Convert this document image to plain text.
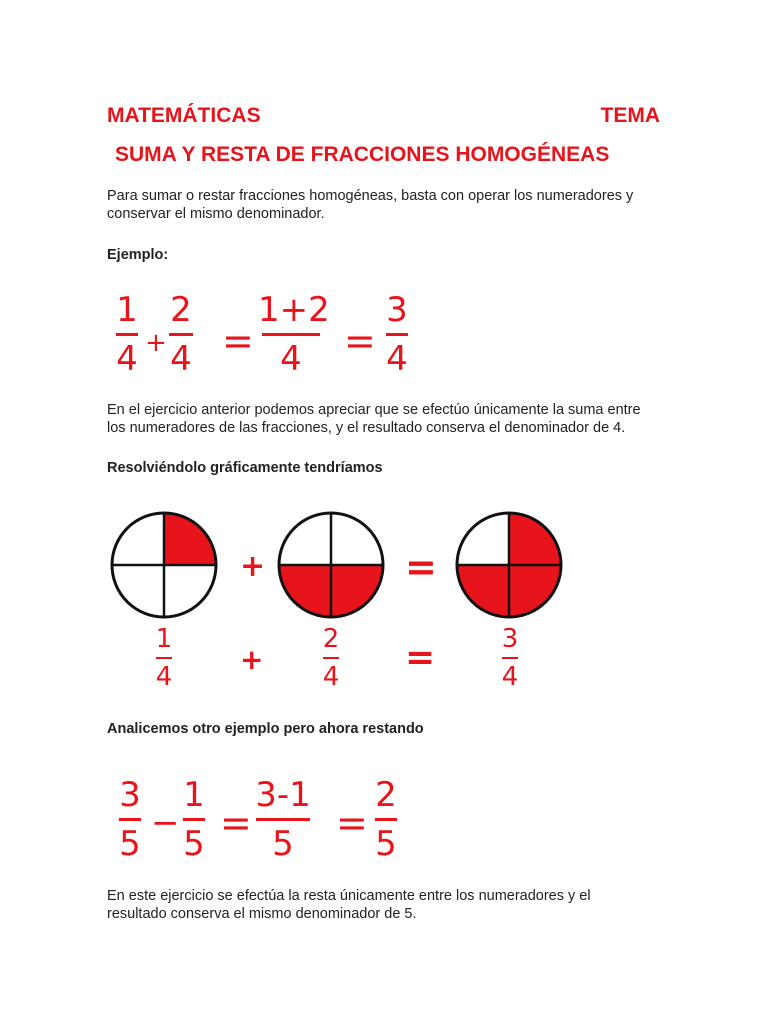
MATEMÁTICAS	TEMA
SUMA Y RESTA DE FRACCIONES HOMOGÉNEAS
Para sumar o restar fracciones homogéneas, basta con operar los numeradores y
conservar el mismo denominador.
Ejemplo:
1
4 +
2
4 =
1+2
4	=
3
4
En el ejercicio anterior podemos apreciar que se efectúo únicamente la suma entre
los numeradores de las fracciones, y el resultado conserva el denominador de 4.
Resolviéndolo gráficamente tendríamos
+	=
1
4
+
2
4 =	3
4
Analicemos otro ejemplo pero ahora restando
3
5
−
1
5 =
3-1
5	=
2
5
En este ejercicio se efectúa la resta únicamente entre los numeradores y el
resultado conserva el mismo denominador de 5.
